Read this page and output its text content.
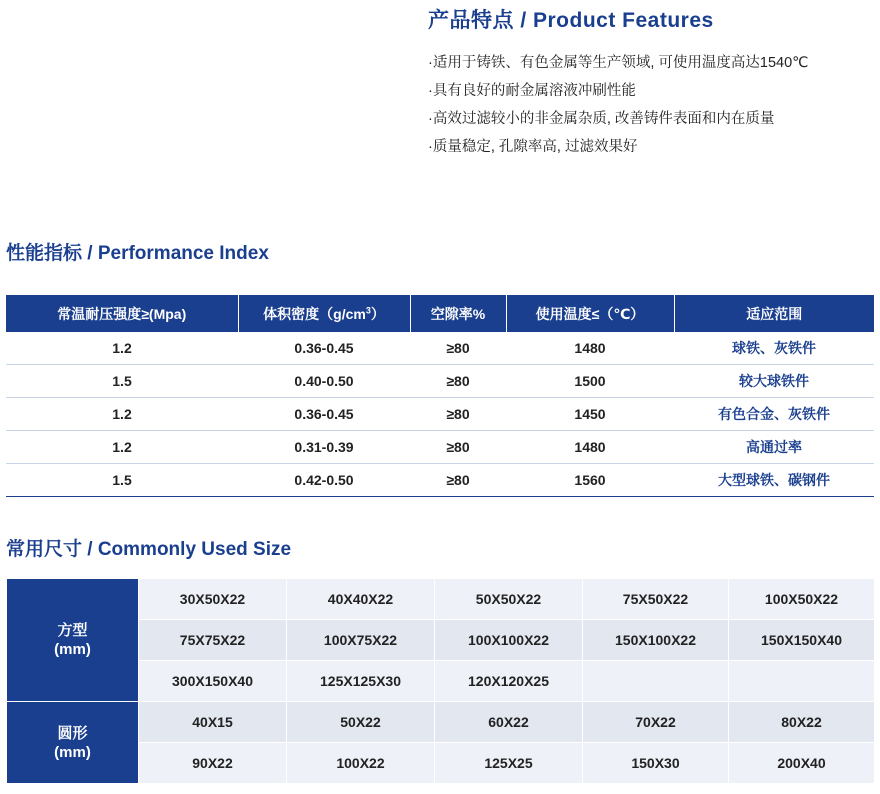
产品特点 / Product Features
·适用于铸铁、有色金属等生产领域, 可使用温度高达1540℃
·具有良好的耐金属溶液冲刷性能
·高效过滤较小的非金属杂质, 改善铸件表面和内在质量
·质量稳定, 孔隙率高, 过滤效果好
性能指标 / Performance Index
常温耐压强度≥(Mpa)	体积密度$(g/cm^3)$	空隙率%	使用温度≤（℃）	适应范围
1.2	0.36-0.45	≥80	1480	球铁、灰铁件
1.5	0.40-0.50	≥80	1500	较大球铁件
1.2	0.36-0.45	≥80	1450	有色合金、灰铁件
1.2	0.31-0.39	≥80	1480	高通过率
1.5	0.42-0.50	≥80	1560	大型球铁、碳钢件
常用尺寸 / Commonly Used Size
方型
(mm)	30X50X22	40X40X22	50X50X22	75X50X22	100X50X22
	75X75X22	100X75X22	100X100X22	150X100X22	150X150X40
	300X150X40	125X125X30	120X120X25		

圆形
(mm)	40X15	50X22	60X22	70X22	80X22
	90X22	100X22	125X25	150X30	200X40
